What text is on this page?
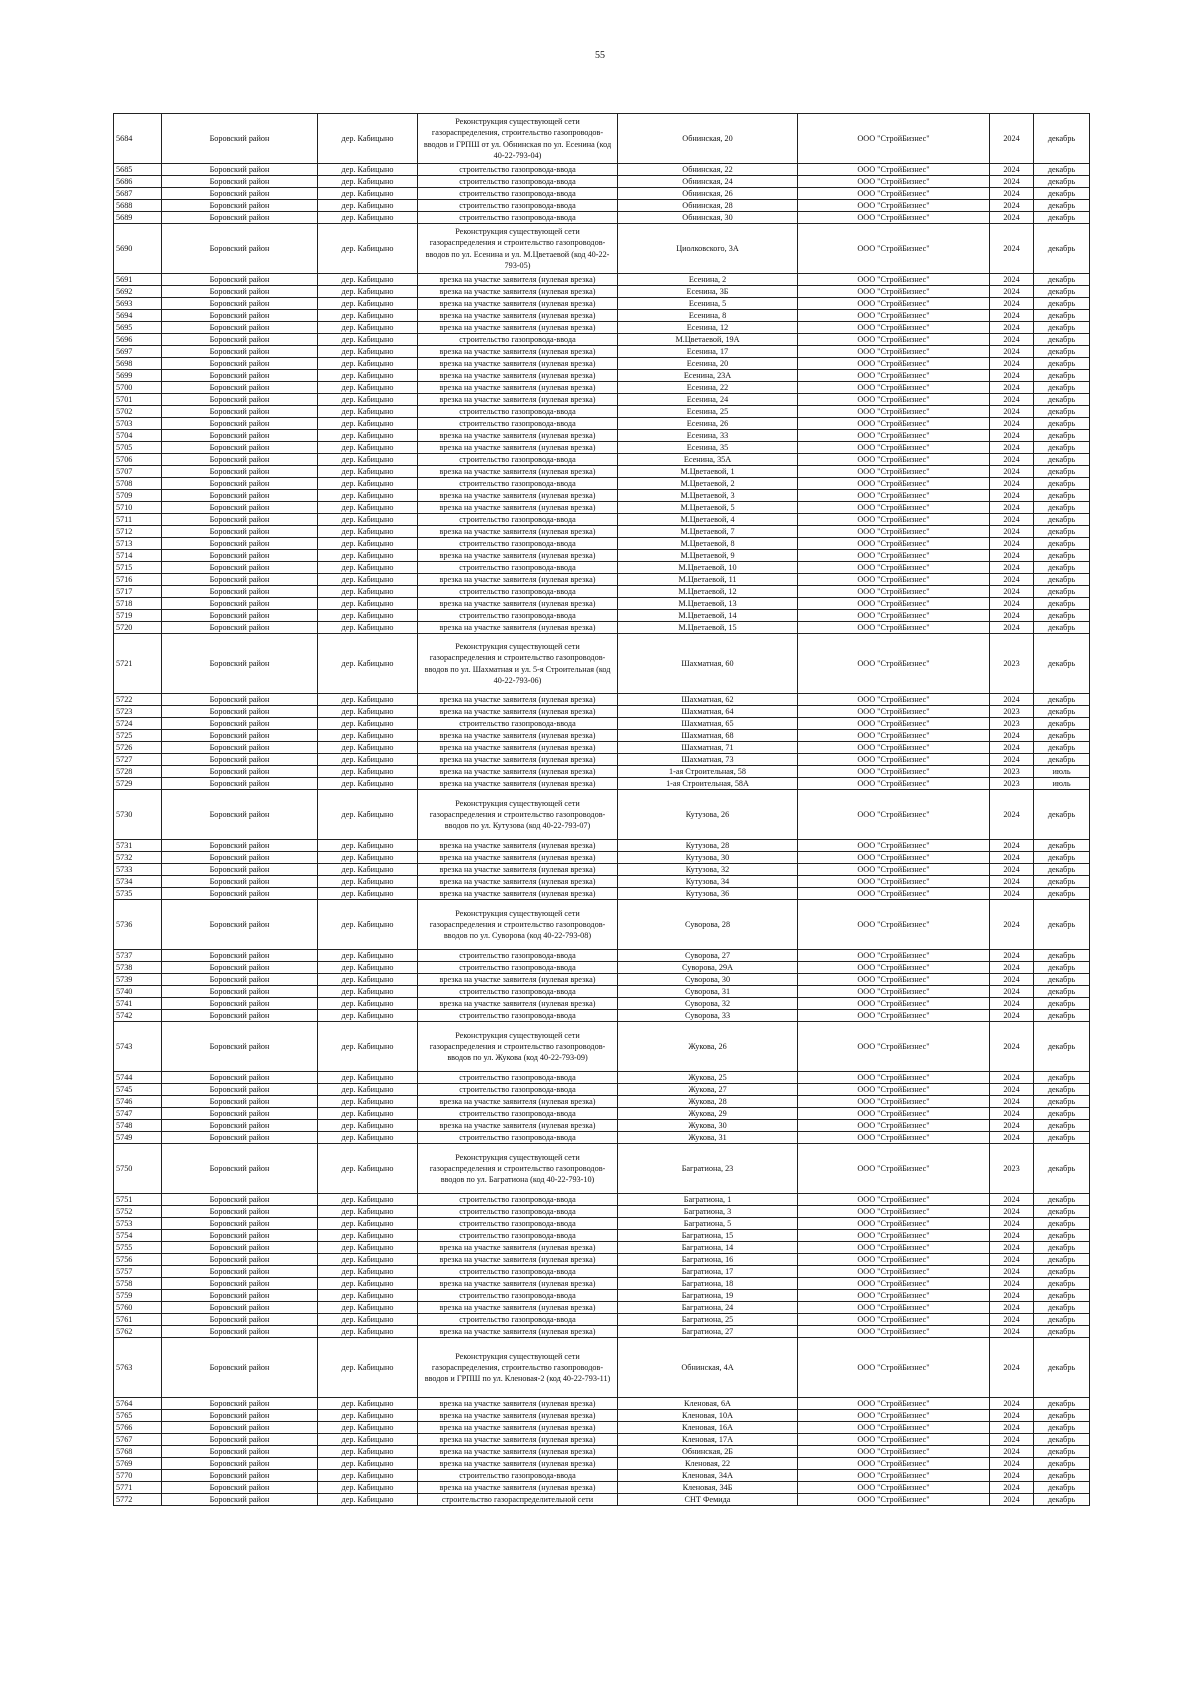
55
5684	Боровский район	дер. Кабицыно	Реконструкция существующей сети газораспределения, строительство газопроводов-вводов и ГРПШ от ул. Обнинская по ул. Есенина (код 40-22-793-04)	Обнинская, 20	ООО "СтройБизнес"	2024	декабрь
5685	Боровский район	дер. Кабицыно	строительство газопровода-ввода	Обнинская, 22	ООО "СтройБизнес"	2024	декабрь
5686	Боровский район	дер. Кабицыно	строительство газопровода-ввода	Обнинская, 24	ООО "СтройБизнес"	2024	декабрь
5687	Боровский район	дер. Кабицыно	строительство газопровода-ввода	Обнинская, 26	ООО "СтройБизнес"	2024	декабрь
5688	Боровский район	дер. Кабицыно	строительство газопровода-ввода	Обнинская, 28	ООО "СтройБизнес"	2024	декабрь
5689	Боровский район	дер. Кабицыно	строительство газопровода-ввода	Обнинская, 30	ООО "СтройБизнес"	2024	декабрь
5690	Боровский район	дер. Кабицыно	Реконструкция существующей сети газораспределения и строительство газопроводов-вводов по ул. Есенина и ул. М.Цветаевой (код 40-22-793-05)	Циолковского, 3А	ООО "СтройБизнес"	2024	декабрь
5691	Боровский район	дер. Кабицыно	врезка на участке заявителя (нулевая врезка)	Есенина, 2	ООО "СтройБизнес"	2024	декабрь
5692	Боровский район	дер. Кабицыно	врезка на участке заявителя (нулевая врезка)	Есенина, 3Б	ООО "СтройБизнес"	2024	декабрь
5693	Боровский район	дер. Кабицыно	врезка на участке заявителя (нулевая врезка)	Есенина, 5	ООО "СтройБизнес"	2024	декабрь
5694	Боровский район	дер. Кабицыно	врезка на участке заявителя (нулевая врезка)	Есенина, 8	ООО "СтройБизнес"	2024	декабрь
5695	Боровский район	дер. Кабицыно	врезка на участке заявителя (нулевая врезка)	Есенина, 12	ООО "СтройБизнес"	2024	декабрь
5696	Боровский район	дер. Кабицыно	строительство газопровода-ввода	М.Цветаевой, 19А	ООО "СтройБизнес"	2024	декабрь
5697	Боровский район	дер. Кабицыно	врезка на участке заявителя (нулевая врезка)	Есенина, 17	ООО "СтройБизнес"	2024	декабрь
5698	Боровский район	дер. Кабицыно	врезка на участке заявителя (нулевая врезка)	Есенина, 20	ООО "СтройБизнес"	2024	декабрь
5699	Боровский район	дер. Кабицыно	врезка на участке заявителя (нулевая врезка)	Есенина, 23А	ООО "СтройБизнес"	2024	декабрь
5700	Боровский район	дер. Кабицыно	врезка на участке заявителя (нулевая врезка)	Есенина, 22	ООО "СтройБизнес"	2024	декабрь
5701	Боровский район	дер. Кабицыно	врезка на участке заявителя (нулевая врезка)	Есенина, 24	ООО "СтройБизнес"	2024	декабрь
5702	Боровский район	дер. Кабицыно	строительство газопровода-ввода	Есенина, 25	ООО "СтройБизнес"	2024	декабрь
5703	Боровский район	дер. Кабицыно	строительство газопровода-ввода	Есенина, 26	ООО "СтройБизнес"	2024	декабрь
5704	Боровский район	дер. Кабицыно	врезка на участке заявителя (нулевая врезка)	Есенина, 33	ООО "СтройБизнес"	2024	декабрь
5705	Боровский район	дер. Кабицыно	врезка на участке заявителя (нулевая врезка)	Есенина, 35	ООО "СтройБизнес"	2024	декабрь
5706	Боровский район	дер. Кабицыно	строительство газопровода-ввода	Есенина, 35А	ООО "СтройБизнес"	2024	декабрь
5707	Боровский район	дер. Кабицыно	врезка на участке заявителя (нулевая врезка)	М.Цветаевой, 1	ООО "СтройБизнес"	2024	декабрь
5708	Боровский район	дер. Кабицыно	строительство газопровода-ввода	М.Цветаевой, 2	ООО "СтройБизнес"	2024	декабрь
5709	Боровский район	дер. Кабицыно	врезка на участке заявителя (нулевая врезка)	М.Цветаевой, 3	ООО "СтройБизнес"	2024	декабрь
5710	Боровский район	дер. Кабицыно	врезка на участке заявителя (нулевая врезка)	М.Цветаевой, 5	ООО "СтройБизнес"	2024	декабрь
5711	Боровский район	дер. Кабицыно	строительство газопровода-ввода	М.Цветаевой, 4	ООО "СтройБизнес"	2024	декабрь
5712	Боровский район	дер. Кабицыно	врезка на участке заявителя (нулевая врезка)	М.Цветаевой, 7	ООО "СтройБизнес"	2024	декабрь
5713	Боровский район	дер. Кабицыно	строительство газопровода-ввода	М.Цветаевой, 8	ООО "СтройБизнес"	2024	декабрь
5714	Боровский район	дер. Кабицыно	врезка на участке заявителя (нулевая врезка)	М.Цветаевой, 9	ООО "СтройБизнес"	2024	декабрь
5715	Боровский район	дер. Кабицыно	строительство газопровода-ввода	М.Цветаевой, 10	ООО "СтройБизнес"	2024	декабрь
5716	Боровский район	дер. Кабицыно	врезка на участке заявителя (нулевая врезка)	М.Цветаевой, 11	ООО "СтройБизнес"	2024	декабрь
5717	Боровский район	дер. Кабицыно	строительство газопровода-ввода	М.Цветаевой, 12	ООО "СтройБизнес"	2024	декабрь
5718	Боровский район	дер. Кабицыно	врезка на участке заявителя (нулевая врезка)	М.Цветаевой, 13	ООО "СтройБизнес"	2024	декабрь
5719	Боровский район	дер. Кабицыно	строительство газопровода-ввода	М.Цветаевой, 14	ООО "СтройБизнес"	2024	декабрь
5720	Боровский район	дер. Кабицыно	врезка на участке заявителя (нулевая врезка)	М.Цветаевой, 15	ООО "СтройБизнес"	2024	декабрь
5721	Боровский район	дер. Кабицыно	Реконструкция существующей сети газораспределения и строительство газопроводов-вводов по ул. Шахматная и ул. 5-я Строительная (код 40-22-793-06)	Шахматная, 60	ООО "СтройБизнес"	2023	декабрь
5722	Боровский район	дер. Кабицыно	врезка на участке заявителя (нулевая врезка)	Шахматная, 62	ООО "СтройБизнес"	2024	декабрь
5723	Боровский район	дер. Кабицыно	врезка на участке заявителя (нулевая врезка)	Шахматная, 64	ООО "СтройБизнес"	2023	декабрь
5724	Боровский район	дер. Кабицыно	строительство газопровода-ввода	Шахматная, 65	ООО "СтройБизнес"	2023	декабрь
5725	Боровский район	дер. Кабицыно	врезка на участке заявителя (нулевая врезка)	Шахматная, 68	ООО "СтройБизнес"	2024	декабрь
5726	Боровский район	дер. Кабицыно	врезка на участке заявителя (нулевая врезка)	Шахматная, 71	ООО "СтройБизнес"	2024	декабрь
5727	Боровский район	дер. Кабицыно	врезка на участке заявителя (нулевая врезка)	Шахматная, 73	ООО "СтройБизнес"	2024	декабрь
5728	Боровский район	дер. Кабицыно	врезка на участке заявителя (нулевая врезка)	1-ая Строительная, 58	ООО "СтройБизнес"	2023	июль
5729	Боровский район	дер. Кабицыно	врезка на участке заявителя (нулевая врезка)	1-ая Строительная, 58А	ООО "СтройБизнес"	2023	июль
5730	Боровский район	дер. Кабицыно	Реконструкция существующей сети газораспределения и строительство газопроводов-вводов по ул. Кутузова (код 40-22-793-07)	Кутузова, 26	ООО "СтройБизнес"	2024	декабрь
5731	Боровский район	дер. Кабицыно	врезка на участке заявителя (нулевая врезка)	Кутузова, 28	ООО "СтройБизнес"	2024	декабрь
5732	Боровский район	дер. Кабицыно	врезка на участке заявителя (нулевая врезка)	Кутузова, 30	ООО "СтройБизнес"	2024	декабрь
5733	Боровский район	дер. Кабицыно	врезка на участке заявителя (нулевая врезка)	Кутузова, 32	ООО "СтройБизнес"	2024	декабрь
5734	Боровский район	дер. Кабицыно	врезка на участке заявителя (нулевая врезка)	Кутузова, 34	ООО "СтройБизнес"	2024	декабрь
5735	Боровский район	дер. Кабицыно	врезка на участке заявителя (нулевая врезка)	Кутузова, 36	ООО "СтройБизнес"	2024	декабрь
5736	Боровский район	дер. Кабицыно	Реконструкция существующей сети газораспределения и строительство газопроводов-вводов по ул. Суворова (код 40-22-793-08)	Суворова, 28	ООО "СтройБизнес"	2024	декабрь
5737	Боровский район	дер. Кабицыно	строительство газопровода-ввода	Суворова, 27	ООО "СтройБизнес"	2024	декабрь
5738	Боровский район	дер. Кабицыно	строительство газопровода-ввода	Суворова, 29А	ООО "СтройБизнес"	2024	декабрь
5739	Боровский район	дер. Кабицыно	врезка на участке заявителя (нулевая врезка)	Суворова, 30	ООО "СтройБизнес"	2024	декабрь
5740	Боровский район	дер. Кабицыно	строительство газопровода-ввода	Суворова, 31	ООО "СтройБизнес"	2024	декабрь
5741	Боровский район	дер. Кабицыно	врезка на участке заявителя (нулевая врезка)	Суворова, 32	ООО "СтройБизнес"	2024	декабрь
5742	Боровский район	дер. Кабицыно	строительство газопровода-ввода	Суворова, 33	ООО "СтройБизнес"	2024	декабрь
5743	Боровский район	дер. Кабицыно	Реконструкция существующей сети газораспределения и строительство газопроводов-вводов по ул. Жукова (код 40-22-793-09)	Жукова, 26	ООО "СтройБизнес"	2024	декабрь
5744	Боровский район	дер. Кабицыно	строительство газопровода-ввода	Жукова, 25	ООО "СтройБизнес"	2024	декабрь
5745	Боровский район	дер. Кабицыно	строительство газопровода-ввода	Жукова, 27	ООО "СтройБизнес"	2024	декабрь
5746	Боровский район	дер. Кабицыно	врезка на участке заявителя (нулевая врезка)	Жукова, 28	ООО "СтройБизнес"	2024	декабрь
5747	Боровский район	дер. Кабицыно	строительство газопровода-ввода	Жукова, 29	ООО "СтройБизнес"	2024	декабрь
5748	Боровский район	дер. Кабицыно	врезка на участке заявителя (нулевая врезка)	Жукова, 30	ООО "СтройБизнес"	2024	декабрь
5749	Боровский район	дер. Кабицыно	строительство газопровода-ввода	Жукова, 31	ООО "СтройБизнес"	2024	декабрь
5750	Боровский район	дер. Кабицыно	Реконструкция существующей сети газораспределения и строительство газопроводов-вводов по ул. Багратиона (код 40-22-793-10)	Багратиона, 23	ООО "СтройБизнес"	2023	декабрь
5751	Боровский район	дер. Кабицыно	строительство газопровода-ввода	Багратиона, 1	ООО "СтройБизнес"	2024	декабрь
5752	Боровский район	дер. Кабицыно	строительство газопровода-ввода	Багратиона, 3	ООО "СтройБизнес"	2024	декабрь
5753	Боровский район	дер. Кабицыно	строительство газопровода-ввода	Багратиона, 5	ООО "СтройБизнес"	2024	декабрь
5754	Боровский район	дер. Кабицыно	строительство газопровода-ввода	Багратиона, 15	ООО "СтройБизнес"	2024	декабрь
5755	Боровский район	дер. Кабицыно	врезка на участке заявителя (нулевая врезка)	Багратиона, 14	ООО "СтройБизнес"	2024	декабрь
5756	Боровский район	дер. Кабицыно	врезка на участке заявителя (нулевая врезка)	Багратиона, 16	ООО "СтройБизнес"	2024	декабрь
5757	Боровский район	дер. Кабицыно	строительство газопровода-ввода	Багратиона, 17	ООО "СтройБизнес"	2024	декабрь
5758	Боровский район	дер. Кабицыно	врезка на участке заявителя (нулевая врезка)	Багратиона, 18	ООО "СтройБизнес"	2024	декабрь
5759	Боровский район	дер. Кабицыно	строительство газопровода-ввода	Багратиона, 19	ООО "СтройБизнес"	2024	декабрь
5760	Боровский район	дер. Кабицыно	врезка на участке заявителя (нулевая врезка)	Багратиона, 24	ООО "СтройБизнес"	2024	декабрь
5761	Боровский район	дер. Кабицыно	строительство газопровода-ввода	Багратиона, 25	ООО "СтройБизнес"	2024	декабрь
5762	Боровский район	дер. Кабицыно	врезка на участке заявителя (нулевая врезка)	Багратиона, 27	ООО "СтройБизнес"	2024	декабрь
5763	Боровский район	дер. Кабицыно	Реконструкция существующей сети газораспределения, строительство газопроводов-вводов и ГРПШ по ул. Кленовая-2 (код 40-22-793-11)	Обнинская, 4А	ООО "СтройБизнес"	2024	декабрь
5764	Боровский район	дер. Кабицыно	врезка на участке заявителя (нулевая врезка)	Кленовая, 6А	ООО "СтройБизнес"	2024	декабрь
5765	Боровский район	дер. Кабицыно	врезка на участке заявителя (нулевая врезка)	Кленовая, 10А	ООО "СтройБизнес"	2024	декабрь
5766	Боровский район	дер. Кабицыно	врезка на участке заявителя (нулевая врезка)	Кленовая, 16А	ООО "СтройБизнес"	2024	декабрь
5767	Боровский район	дер. Кабицыно	врезка на участке заявителя (нулевая врезка)	Кленовая, 17А	ООО "СтройБизнес"	2024	декабрь
5768	Боровский район	дер. Кабицыно	врезка на участке заявителя (нулевая врезка)	Обнинская, 2Б	ООО "СтройБизнес"	2024	декабрь
5769	Боровский район	дер. Кабицыно	врезка на участке заявителя (нулевая врезка)	Кленовая, 22	ООО "СтройБизнес"	2024	декабрь
5770	Боровский район	дер. Кабицыно	строительство газопровода-ввода	Кленовая, 34А	ООО "СтройБизнес"	2024	декабрь
5771	Боровский район	дер. Кабицыно	врезка на участке заявителя (нулевая врезка)	Кленовая, 34Б	ООО "СтройБизнес"	2024	декабрь
5772	Боровский район	дер. Кабицыно	строительство газораспределительной сети	СНТ Фемида	ООО "СтройБизнес"	2024	декабрь
